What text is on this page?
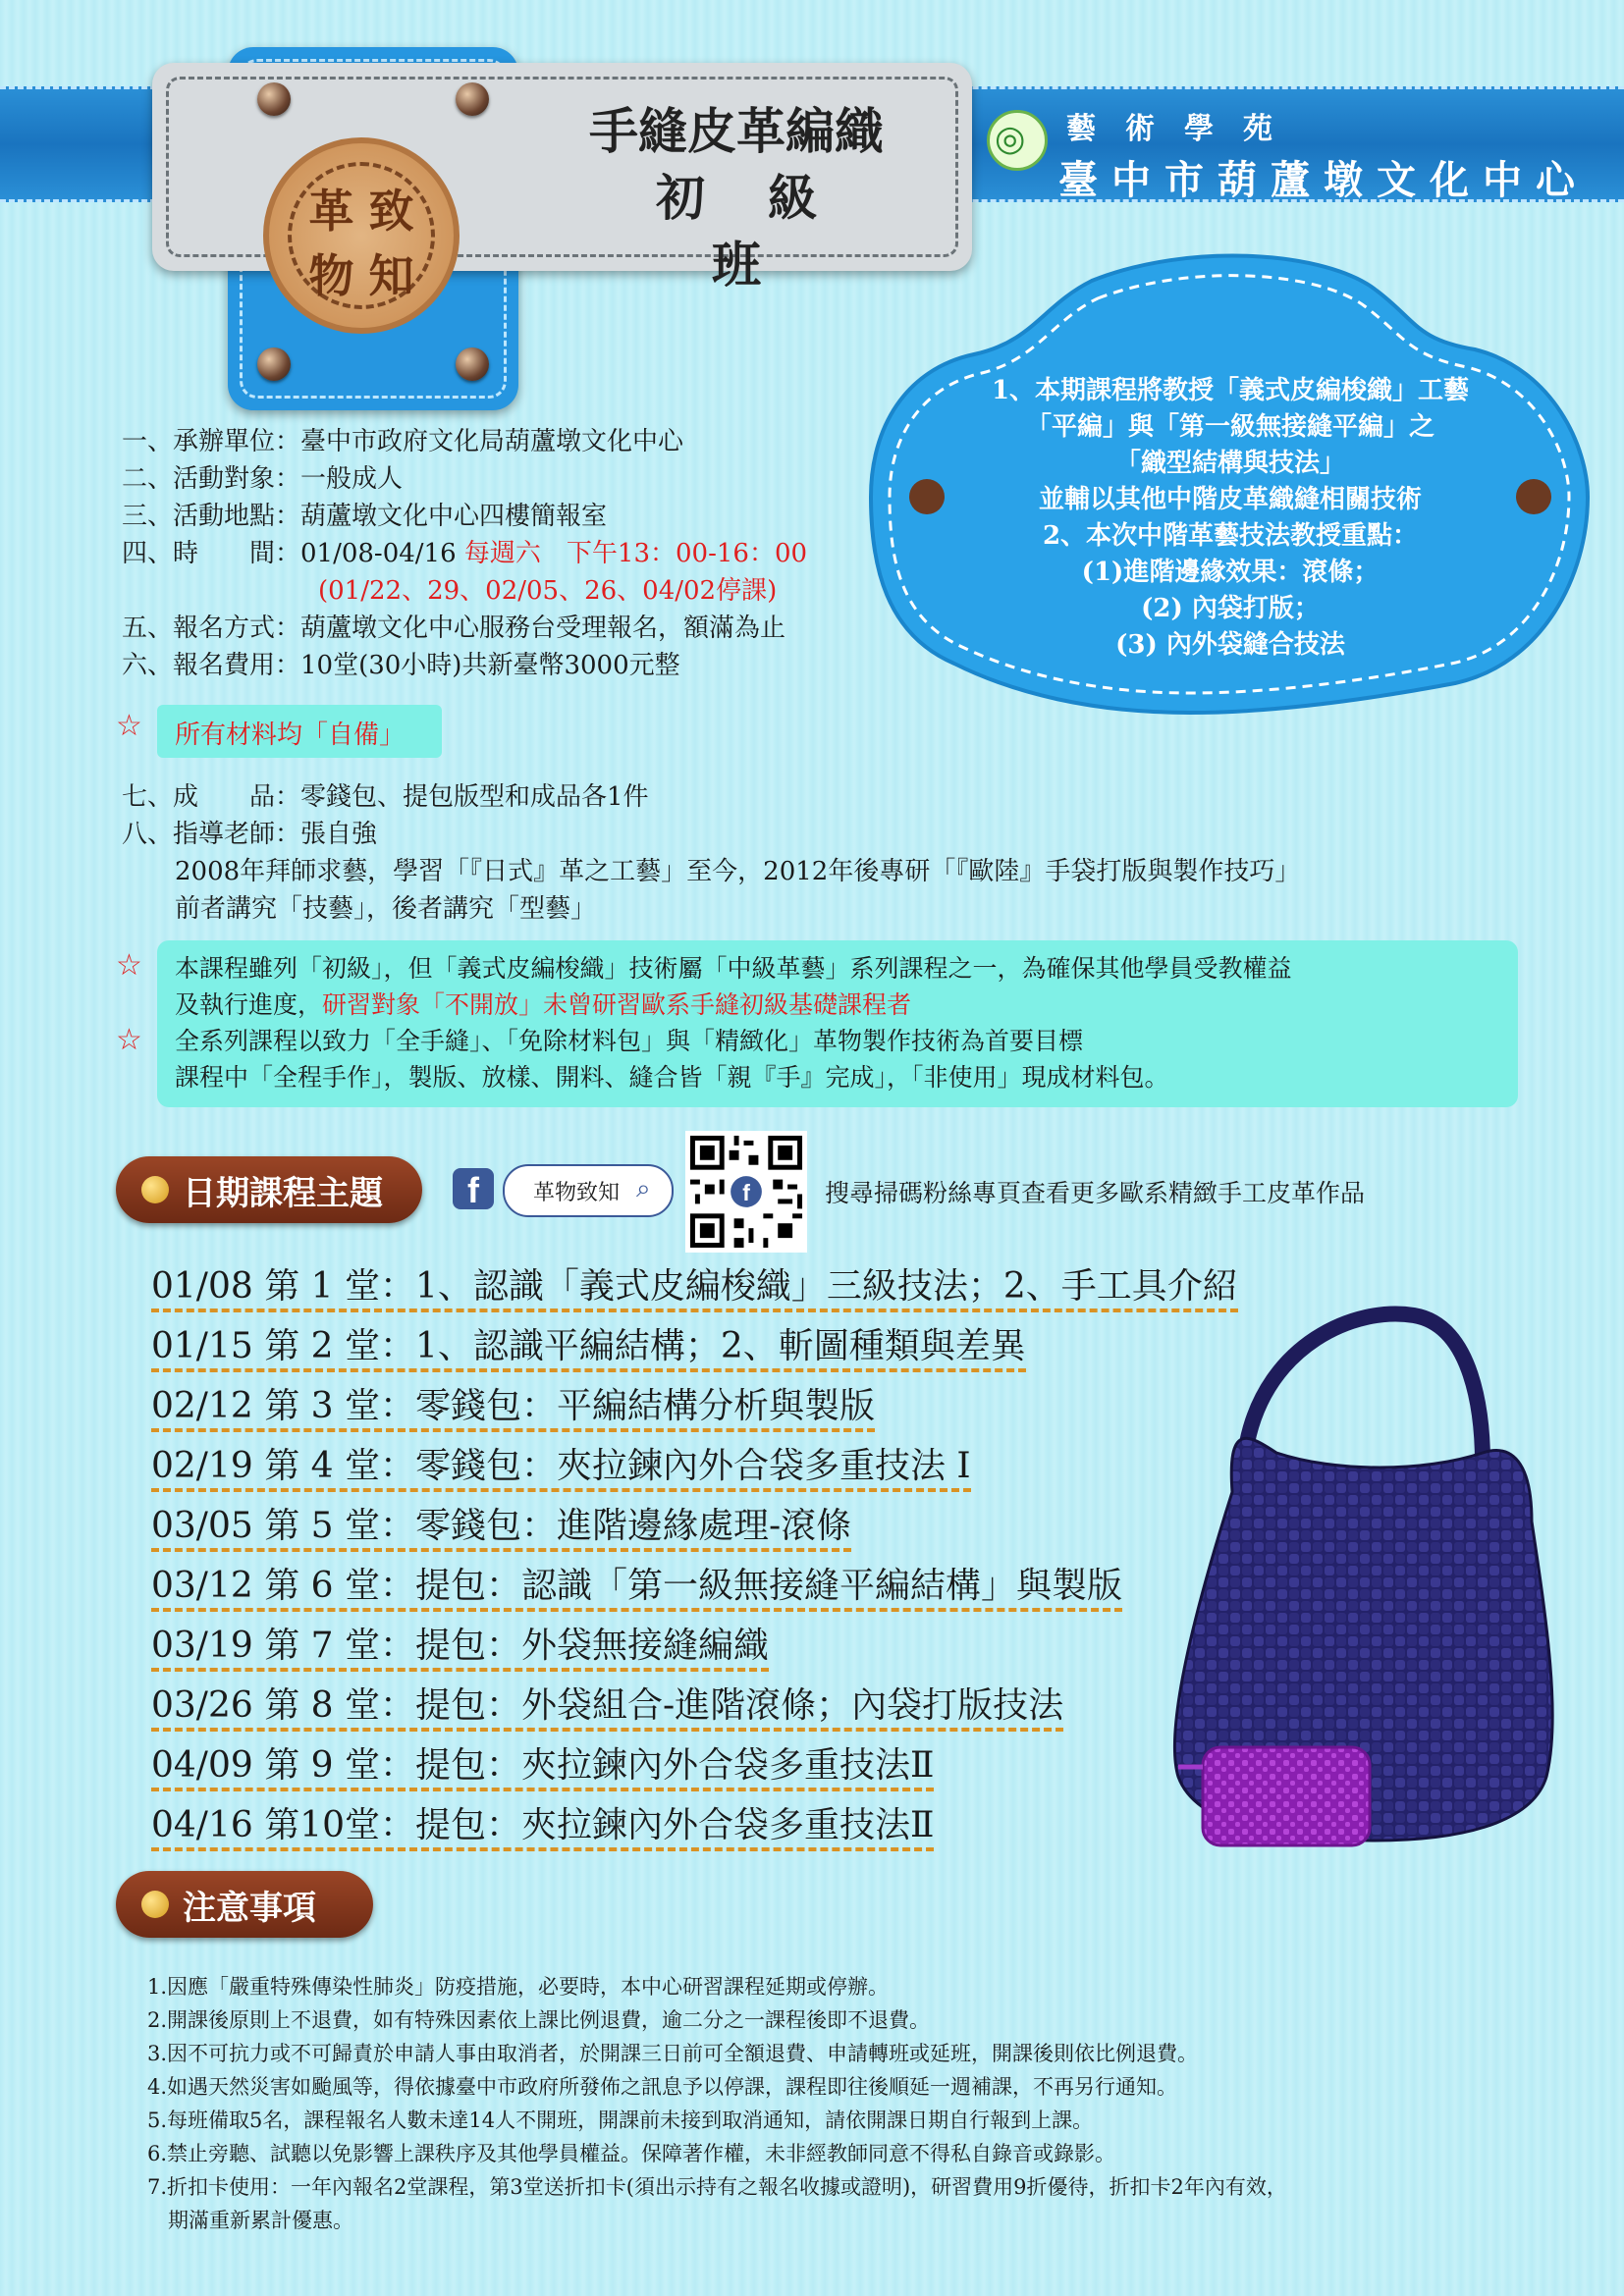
革 致
物 知
手縫皮革編織
初級班
◎ 藝術學苑
臺中市葫蘆墩文化中心
1、本期課程將教授「義式皮編梭織」工藝
「平編」與「第一級無接縫平編」之
「織型結構與技法」
並輔以其他中階皮革織縫相關技術
2、本次中階革藝技法教授重點：
(1)進階邊緣效果：滾條；
(2) 內袋打版；
(3) 內外袋縫合技法
一、承辦單位：臺中市政府文化局葫蘆墩文化中心
二、活動對象：一般成人
三、活動地點：葫蘆墩文化中心四樓簡報室
四、時　　間：01/08-04/16 每週六　下午13：00-16：00
(01/22、29、02/05、26、04/02停課)
五、報名方式：葫蘆墩文化中心服務台受理報名，額滿為止
六、報名費用：10堂(30小時)共新臺幣3000元整
☆ 所有材料均「自備」
七、成　　品：零錢包、提包版型和成品各1件
八、指導老師：張自強
2008年拜師求藝，學習「『日式』革之工藝」至今，2012年後專研「『歐陸』手袋打版與製作技巧」
前者講究「技藝」，後者講究「型藝」
☆
☆
本課程雖列「初級」，但「義式皮編梭織」技術屬「中級革藝」系列課程之一，為確保其他學員受教權益
及執行進度，研習對象「不開放」未曾研習歐系手縫初級基礎課程者
全系列課程以致力「全手縫」、「免除材料包」與「精緻化」革物製作技術為首要目標
課程中「全程手作」，製版、放樣、開料、縫合皆「親『手』完成」，「非使用」現成材料包。
日期課程主題	f	革物致知 ⌕	f	搜尋掃碼粉絲專頁查看更多歐系精緻手工皮革作品
01/08 第 1 堂：1、認識「義式皮編梭織」三級技法；2、手工具介紹
01/15 第 2 堂：1、認識平編結構；2、斬圖種類與差異
02/12 第 3 堂：零錢包：平編結構分析與製版
02/19 第 4 堂：零錢包：夾拉鍊內外合袋多重技法 I
03/05 第 5 堂：零錢包：進階邊緣處理-滾條
03/12 第 6 堂：提包：認識「第一級無接縫平編結構」與製版
03/19 第 7 堂：提包：外袋無接縫編織
03/26 第 8 堂：提包：外袋組合-進階滾條；內袋打版技法
04/09 第 9 堂：提包：夾拉鍊內外合袋多重技法Ⅱ
04/16 第10堂：提包：夾拉鍊內外合袋多重技法Ⅱ
注意事項
1.因應「嚴重特殊傳染性肺炎」防疫措施，必要時，本中心研習課程延期或停辦。
2.開課後原則上不退費，如有特殊因素依上課比例退費，逾二分之一課程後即不退費。
3.因不可抗力或不可歸責於申請人事由取消者，於開課三日前可全額退費、申請轉班或延班，開課後則依比例退費。
4.如遇天然災害如颱風等，得依據臺中市政府所發佈之訊息予以停課，課程即往後順延一週補課，不再另行通知。
5.每班備取5名，課程報名人數未達14人不開班，開課前未接到取消通知，請依開課日期自行報到上課。
6.禁止旁聽、試聽以免影響上課秩序及其他學員權益。保障著作權，未非經教師同意不得私自錄音或錄影。
7.折扣卡使用：一年內報名2堂課程，第3堂送折扣卡(須出示持有之報名收據或證明)，研習費用9折優待，折扣卡2年內有效，
　期滿重新累計優惠。
